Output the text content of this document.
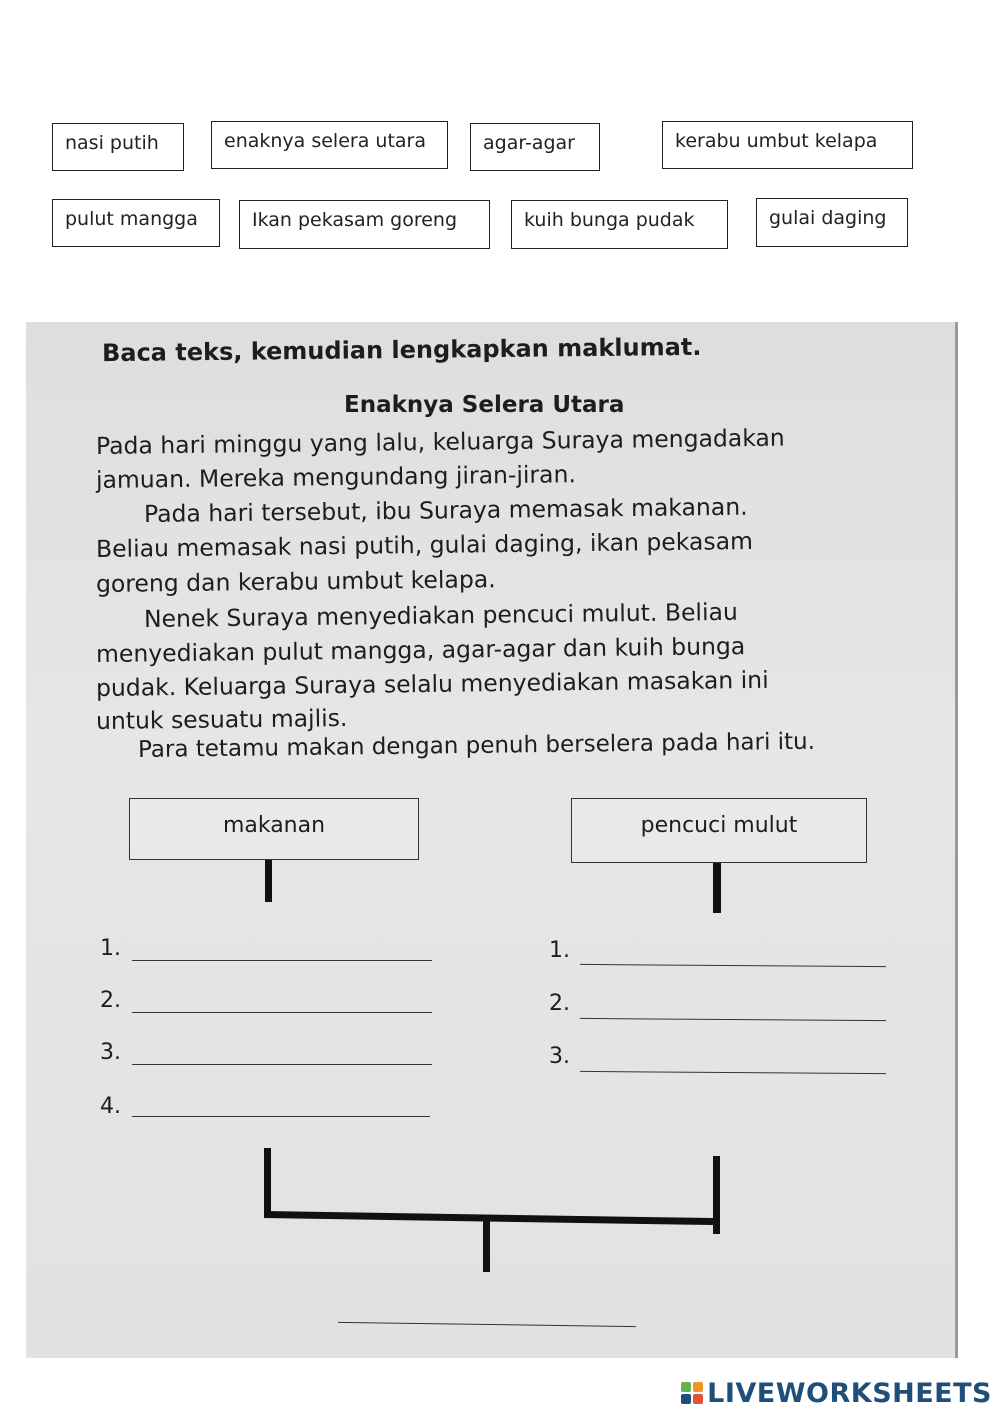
nasi putih	enaknya selera utara	agar-agar	kerabu umbut kelapa
pulut mangga	Ikan pekasam goreng	kuih bunga pudak	gulai daging
Baca teks, kemudian lengkapkan maklumat.
Enaknya Selera Utara
Pada hari minggu yang lalu, keluarga Suraya mengadakan
jamuan. Mereka mengundang jiran-jiran.
Pada hari tersebut, ibu Suraya memasak makanan.
Beliau memasak nasi putih, gulai daging, ikan pekasam
goreng dan kerabu umbut kelapa.
Nenek Suraya menyediakan pencuci mulut. Beliau
menyediakan pulut mangga, agar-agar dan kuih bunga
pudak. Keluarga Suraya selalu menyediakan masakan ini
untuk sesuatu majlis.
Para tetamu makan dengan penuh berselera pada hari itu.
makanan	pencuci mulut
1.
2.
3.
4.
1.
2.
3.
LIVEWORKSHEETS
